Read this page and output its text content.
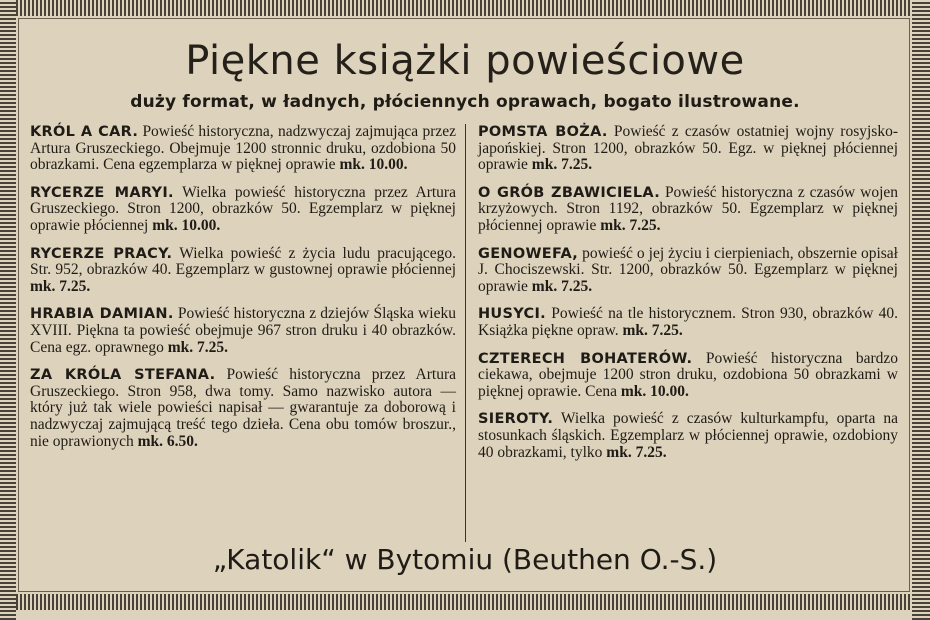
Piękne książki powieściowe
duży format, w ładnych, płóciennych oprawach, bogato ilustrowane.

KRÓL A CAR. Powieść historyczna, nadzwyczaj zajmująca przez Artura Gruszeckiego. Obejmuje 1200 stronnic druku, ozdobiona 50 obrazkami. Cena egzemplarza w pięknej oprawie mk. 10.00.

RYCERZE MARYI. Wielka powieść historyczna przez Artura Gruszeckiego. Stron 1200, obrazków 50. Egzemplarz w pięknej oprawie płóciennej mk. 10.00.

RYCERZE PRACY. Wielka powieść z życia ludu pracującego. Str. 952, obrazków 40. Egzemplarz w gustownej oprawie płóciennej mk. 7.25.

HRABIA DAMIAN. Powieść historyczna z dziejów Śląska wieku XVIII. Piękna ta powieść obejmuje 967 stron druku i 40 obrazków. Cena egz. oprawnego mk. 7.25.

ZA KRÓLA STEFANA. Powieść historyczna przez Artura Gruszeckiego. Stron 958, dwa tomy. Samo nazwisko autora — który już tak wiele powieści napisał — gwarantuje za doborową i nadzwyczaj zajmującą treść tego dzieła. Cena obu tomów broszur., nie oprawionych mk. 6.50.

POMSTA BOŻA. Powieść z czasów ostatniej wojny rosyjsko-japońskiej. Stron 1200, obrazków 50. Egz. w pięknej płóciennej oprawie mk. 7.25.

O GRÓB ZBAWICIELA. Powieść historyczna z czasów wojen krzyżowych. Stron 1192, obrazków 50. Egzemplarz w pięknej płóciennej oprawie mk. 7.25.

GENOWEFA, powieść o jej życiu i cierpieniach, obszernie opisał J. Chociszewski. Str. 1200, obrazków 50. Egzemplarz w pięknej oprawie mk. 7.25.

HUSYCI. Powieść na tle historycznem. Stron 930, obrazków 40. Książka piękne opraw. mk. 7.25.

CZTERECH BOHATERÓW. Powieść historyczna bardzo ciekawa, obejmuje 1200 stron druku, ozdobiona 50 obrazkami w pięknej oprawie. Cena mk. 10.00.

SIEROTY. Wielka powieść z czasów kulturkampfu, oparta na stosunkach śląskich. Egzemplarz w płóciennej oprawie, ozdobiony 40 obrazkami, tylko mk. 7.25.

„Katolik“ w Bytomiu (Beuthen O.-S.)
